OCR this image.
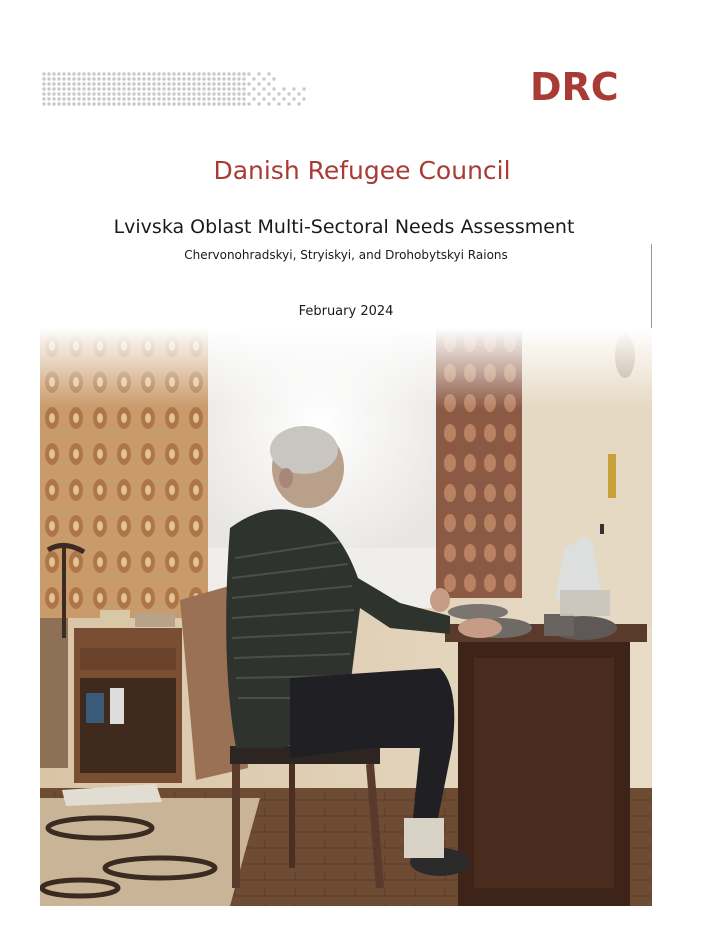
DRC
Danish Refugee Council
Lvivska Oblast Multi-Sectoral Needs Assessment
Chervonohradskyi, Stryiskyi, and Drohobytskyi Raions
February 2024
